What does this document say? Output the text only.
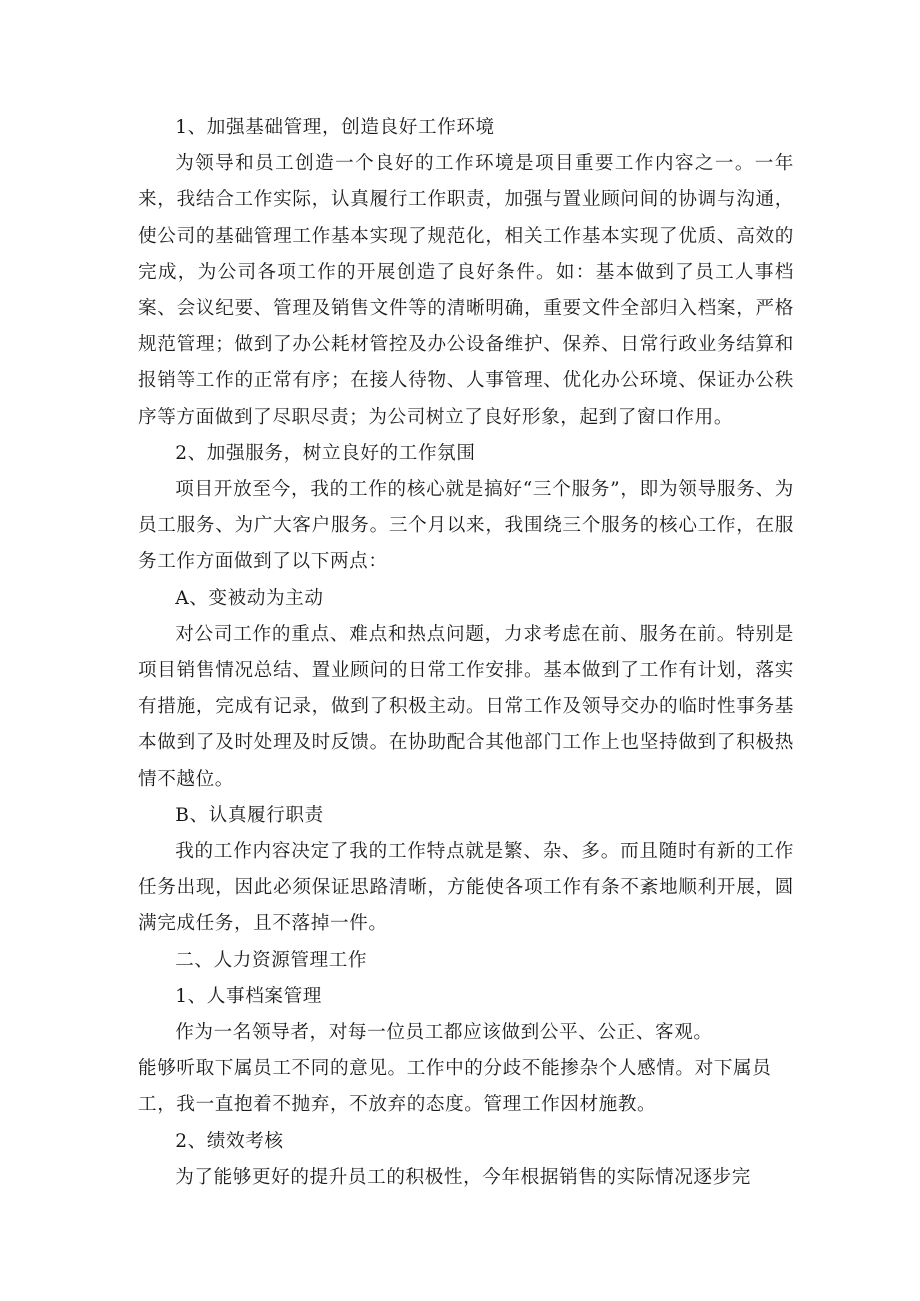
1、加强基础管理，创造良好工作环境

为领导和员工创造一个良好的工作环境是项目重要工作内容之一。一年来，我结合工作实际，认真履行工作职责，加强与置业顾问间的协调与沟通，使公司的基础管理工作基本实现了规范化，相关工作基本实现了优质、高效的完成，为公司各项工作的开展创造了良好条件。如：基本做到了员工人事档案、会议纪要、管理及销售文件等的清晰明确，重要文件全部归入档案，严格规范管理；做到了办公耗材管控及办公设备维护、保养、日常行政业务结算和报销等工作的正常有序；在接人待物、人事管理、优化办公环境、保证办公秩序等方面做到了尽职尽责；为公司树立了良好形象，起到了窗口作用。

2、加强服务，树立良好的工作氛围

项目开放至今，我的工作的核心就是搞好“三个服务”，即为领导服务、为员工服务、为广大客户服务。三个月以来，我围绕三个服务的核心工作，在服务工作方面做到了以下两点：

A、变被动为主动

对公司工作的重点、难点和热点问题，力求考虑在前、服务在前。特别是项目销售情况总结、置业顾问的日常工作安排。基本做到了工作有计划，落实有措施，完成有记录，做到了积极主动。日常工作及领导交办的临时性事务基本做到了及时处理及时反馈。在协助配合其他部门工作上也坚持做到了积极热情不越位。

B、认真履行职责

我的工作内容决定了我的工作特点就是繁、杂、多。而且随时有新的工作任务出现，因此必须保证思路清晰，方能使各项工作有条不紊地顺利开展，圆满完成任务，且不落掉一件。

二、人力资源管理工作

1、人事档案管理

作为一名领导者，对每一位员工都应该做到公平、公正、客观。

能够听取下属员工不同的意见。工作中的分歧不能掺杂个人感情。对下属员工，我一直抱着不抛弃，不放弃的态度。管理工作因材施教。

2、绩效考核

为了能够更好的提升员工的积极性，今年根据销售的实际情况逐步完
